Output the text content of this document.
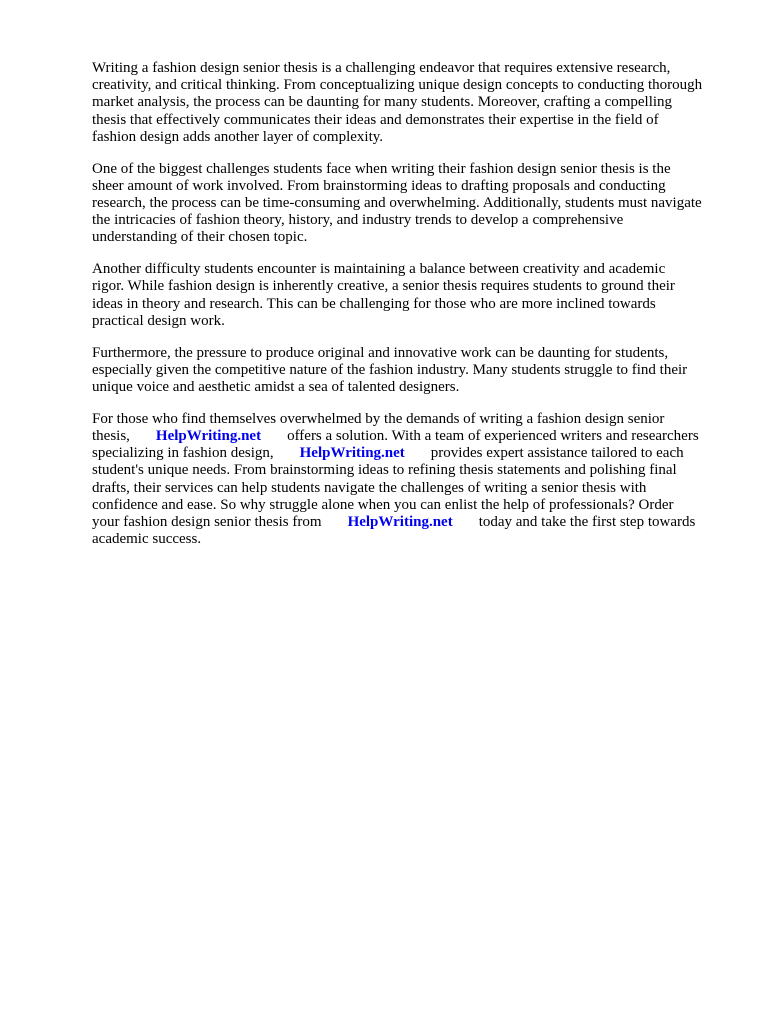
Writing a fashion design senior thesis is a challenging endeavor that requires extensive research,
creativity, and critical thinking. From conceptualizing unique design concepts to conducting thorough
market analysis, the process can be daunting for many students. Moreover, crafting a compelling
thesis that effectively communicates their ideas and demonstrates their expertise in the field of
fashion design adds another layer of complexity.

One of the biggest challenges students face when writing their fashion design senior thesis is the
sheer amount of work involved. From brainstorming ideas to drafting proposals and conducting
research, the process can be time-consuming and overwhelming. Additionally, students must navigate
the intricacies of fashion theory, history, and industry trends to develop a comprehensive
understanding of their chosen topic.

Another difficulty students encounter is maintaining a balance between creativity and academic
rigor. While fashion design is inherently creative, a senior thesis requires students to ground their
ideas in theory and research. This can be challenging for those who are more inclined towards
practical design work.

Furthermore, the pressure to produce original and innovative work can be daunting for students,
especially given the competitive nature of the fashion industry. Many students struggle to find their
unique voice and aesthetic amidst a sea of talented designers.

For those who find themselves overwhelmed by the demands of writing a fashion design senior
thesis, HelpWriting.net offers a solution. With a team of experienced writers and researchers
specializing in fashion design, HelpWriting.net provides expert assistance tailored to each
student's unique needs. From brainstorming ideas to refining thesis statements and polishing final
drafts, their services can help students navigate the challenges of writing a senior thesis with
confidence and ease. So why struggle alone when you can enlist the help of professionals? Order
your fashion design senior thesis from HelpWriting.net today and take the first step towards
academic success.
